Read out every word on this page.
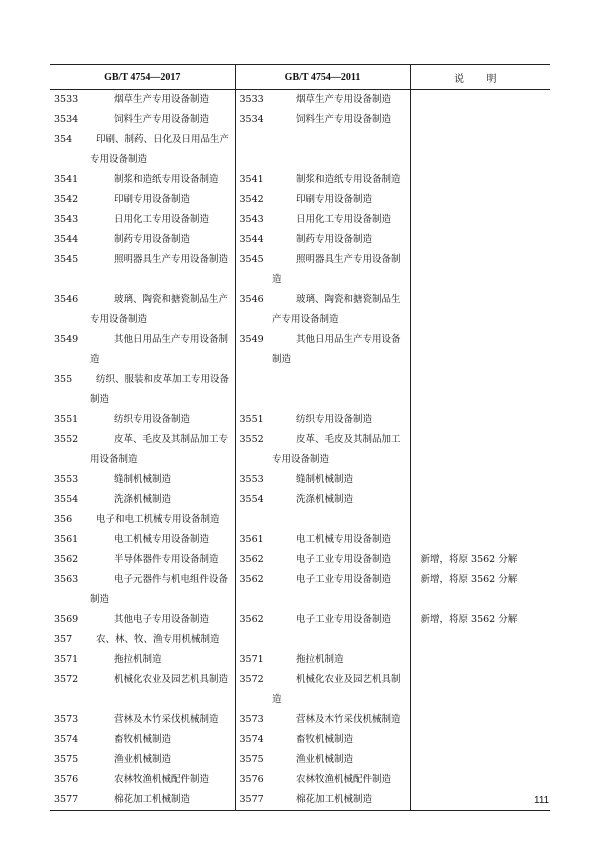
GB/T 4754—2017		GB/T 4754—2011		说 明

3533	烟草生产专用设备制造	3533	烟草生产专用设备制造	

3534	饲料生产专用设备制造	3534	饲料生产专用设备制造	

354	印刷、制药、日化及日用品生产专用设备制造			

3541	制浆和造纸专用设备制造	3541	制浆和造纸专用设备制造	

3542	印刷专用设备制造	3542	印刷专用设备制造	

3543	日用化工专用设备制造	3543	日用化工专用设备制造	

3544	制药专用设备制造	3544	制药专用设备制造	

3545	照明器具生产专用设备制造	3545	照明器具生产专用设备制造	

3546	玻璃、陶瓷和搪瓷制品生产专用设备制造	3546	玻璃、陶瓷和搪瓷制品生产专用设备制造	

3549	其他日用品生产专用设备制造	3549	其他日用品生产专用设备制造	

355	纺织、服装和皮革加工专用设备制造			

3551	纺织专用设备制造	3551	纺织专用设备制造	

3552	皮革、毛皮及其制品加工专用设备制造	3552	皮革、毛皮及其制品加工专用设备制造	

3553	缝制机械制造	3553	缝制机械制造	

3554	洗涤机械制造	3554	洗涤机械制造	

356	电子和电工机械专用设备制造			

3561	电工机械专用设备制造	3561	电工机械专用设备制造	

3562	半导体器件专用设备制造	3562	电子工业专用设备制造	新增，将原 3562 分解

3563	电子元器件与机电组件设备制造	3562	电子工业专用设备制造	新增，将原 3562 分解

3569	其他电子专用设备制造	3562	电子工业专用设备制造	新增，将原 3562 分解

357	农、林、牧、渔专用机械制造			

3571	拖拉机制造	3571	拖拉机制造	

3572	机械化农业及园艺机具制造	3572	机械化农业及园艺机具制造	

3573	营林及木竹采伐机械制造	3573	营林及木竹采伐机械制造	

3574	畜牧机械制造	3574	畜牧机械制造	

3575	渔业机械制造	3575	渔业机械制造	

3576	农林牧渔机械配件制造	3576	农林牧渔机械配件制造	

3577	棉花加工机械制造	3577	棉花加工机械制造	
		111
